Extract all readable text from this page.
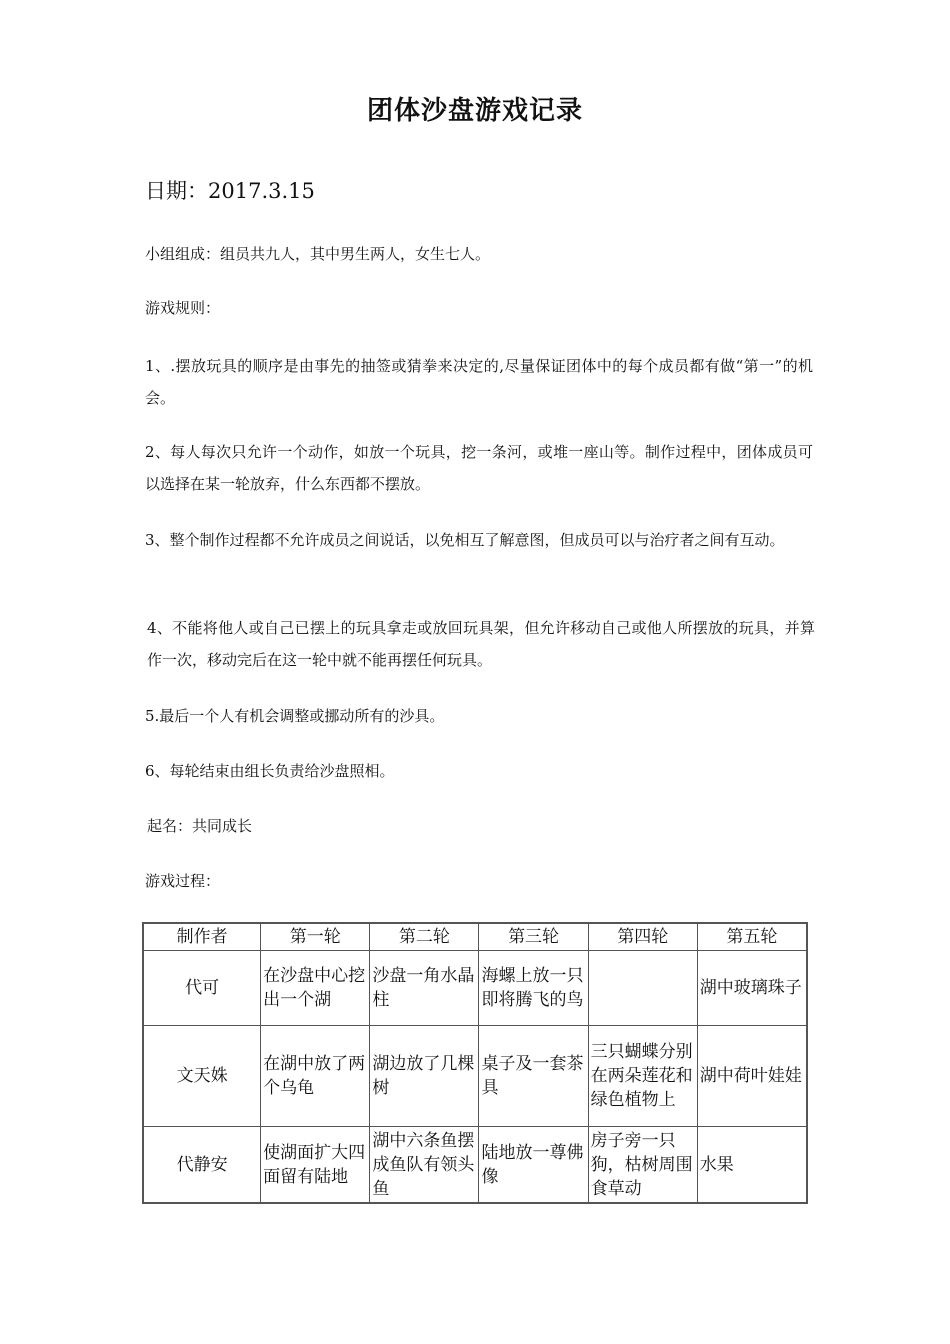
团体沙盘游戏记录
日期：2017.3.15
小组组成：组员共九人，其中男生两人，女生七人。
游戏规则：
1、.摆放玩具的顺序是由事先的抽签或猜拳来决定的,尽量保证团体中的每个成员都有做“第一”的机会。
2、每人每次只允许一个动作，如放一个玩具，挖一条河，或堆一座山等。制作过程中，团体成员可以选择在某一轮放弃，什么东西都不摆放。
3、整个制作过程都不允许成员之间说话，以免相互了解意图，但成员可以与治疗者之间有互动。
4、不能将他人或自己已摆上的玩具拿走或放回玩具架，但允许移动自己或他人所摆放的玩具，并算作一次，移动完后在这一轮中就不能再摆任何玩具。
5.最后一个人有机会调整或挪动所有的沙具。
6、每轮结束由组长负责给沙盘照相。
起名：共同成长
游戏过程：
制作者	第一轮	第二轮	第三轮	第四轮	第五轮
代可	在沙盘中心挖出一个湖	沙盘一角水晶柱	海螺上放一只即将腾飞的鸟		湖中玻璃珠子
文天姝	在湖中放了两个乌龟	湖边放了几棵树	桌子及一套茶具	三只蝴蝶分别在两朵莲花和绿色植物上	湖中荷叶娃娃
代静安	使湖面扩大四面留有陆地	湖中六条鱼摆成鱼队有领头鱼	陆地放一尊佛像	房子旁一只狗，枯树周围食草动	水果
